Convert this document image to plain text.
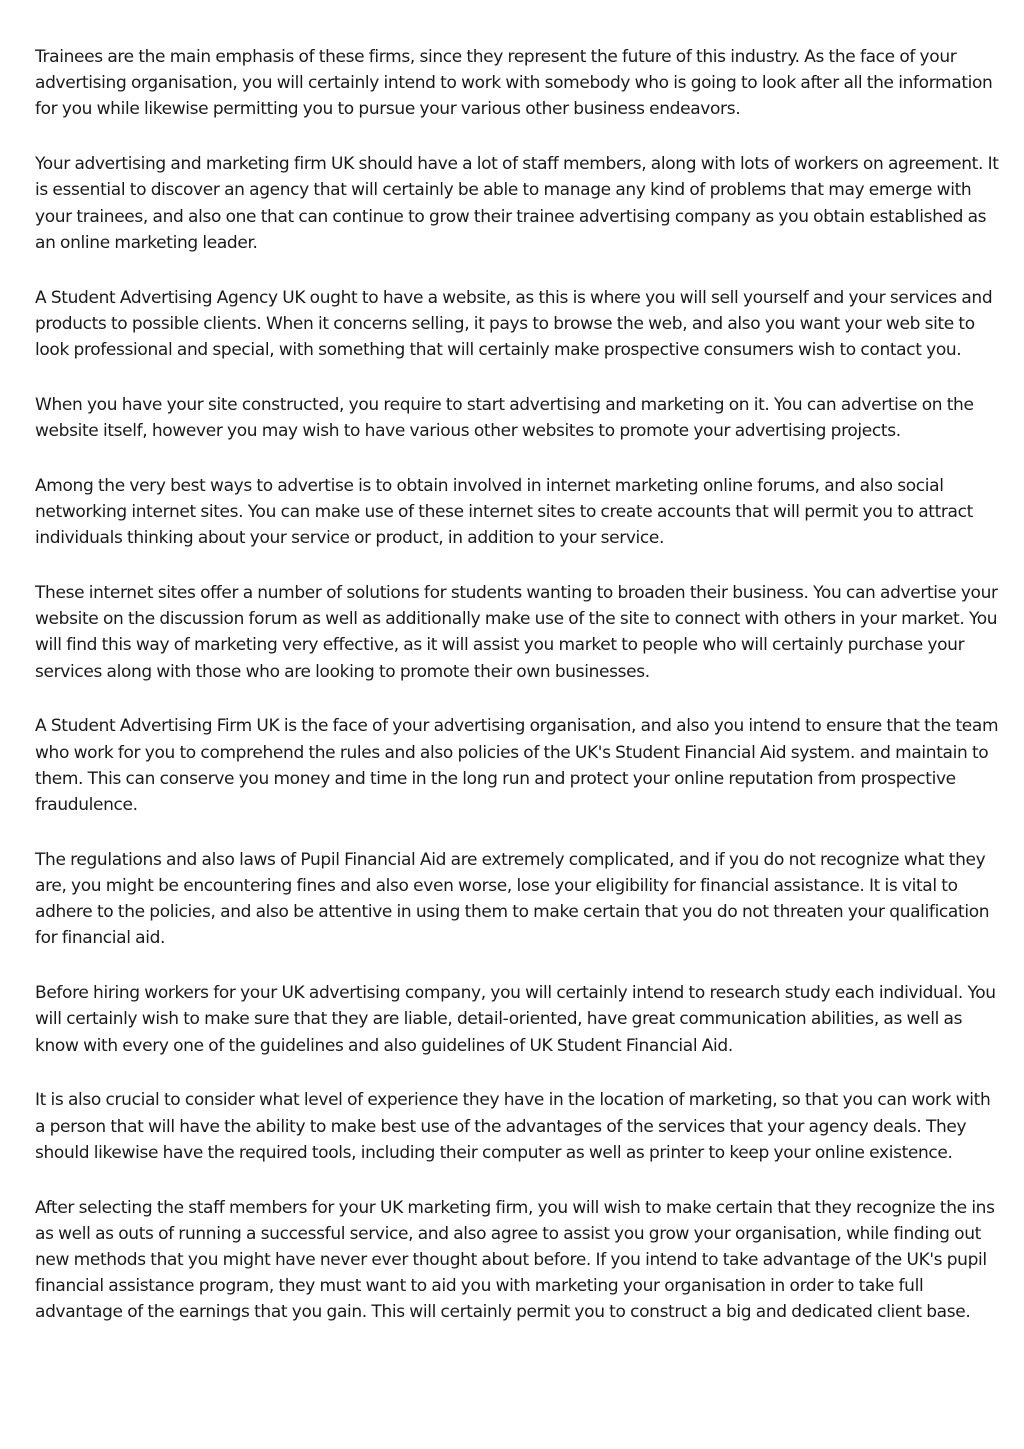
Trainees are the main emphasis of these firms, since they represent the future of this industry. As the face of your advertising organisation, you will certainly intend to work with somebody who is going to look after all the information for you while likewise permitting you to pursue your various other business endeavors.

Your advertising and marketing firm UK should have a lot of staff members, along with lots of workers on agreement. It is essential to discover an agency that will certainly be able to manage any kind of problems that may emerge with your trainees, and also one that can continue to grow their trainee advertising company as you obtain established as an online marketing leader.

A Student Advertising Agency UK ought to have a website, as this is where you will sell yourself and your services and products to possible clients. When it concerns selling, it pays to browse the web, and also you want your web site to look professional and special, with something that will certainly make prospective consumers wish to contact you.

When you have your site constructed, you require to start advertising and marketing on it. You can advertise on the website itself, however you may wish to have various other websites to promote your advertising projects.

Among the very best ways to advertise is to obtain involved in internet marketing online forums, and also social networking internet sites. You can make use of these internet sites to create accounts that will permit you to attract individuals thinking about your service or product, in addition to your service.

These internet sites offer a number of solutions for students wanting to broaden their business. You can advertise your website on the discussion forum as well as additionally make use of the site to connect with others in your market. You will find this way of marketing very effective, as it will assist you market to people who will certainly purchase your services along with those who are looking to promote their own businesses.

A Student Advertising Firm UK is the face of your advertising organisation, and also you intend to ensure that the team who work for you to comprehend the rules and also policies of the UK's Student Financial Aid system. and maintain to them. This can conserve you money and time in the long run and protect your online reputation from prospective fraudulence.

The regulations and also laws of Pupil Financial Aid are extremely complicated, and if you do not recognize what they are, you might be encountering fines and also even worse, lose your eligibility for financial assistance. It is vital to adhere to the policies, and also be attentive in using them to make certain that you do not threaten your qualification for financial aid.

Before hiring workers for your UK advertising company, you will certainly intend to research study each individual. You will certainly wish to make sure that they are liable, detail-oriented, have great communication abilities, as well as know with every one of the guidelines and also guidelines of UK Student Financial Aid.

It is also crucial to consider what level of experience they have in the location of marketing, so that you can work with a person that will have the ability to make best use of the advantages of the services that your agency deals. They should likewise have the required tools, including their computer as well as printer to keep your online existence.

After selecting the staff members for your UK marketing firm, you will wish to make certain that they recognize the ins as well as outs of running a successful service, and also agree to assist you grow your organisation, while finding out new methods that you might have never ever thought about before. If you intend to take advantage of the UK's pupil financial assistance program, they must want to aid you with marketing your organisation in order to take full advantage of the earnings that you gain. This will certainly permit you to construct a big and dedicated client base.
